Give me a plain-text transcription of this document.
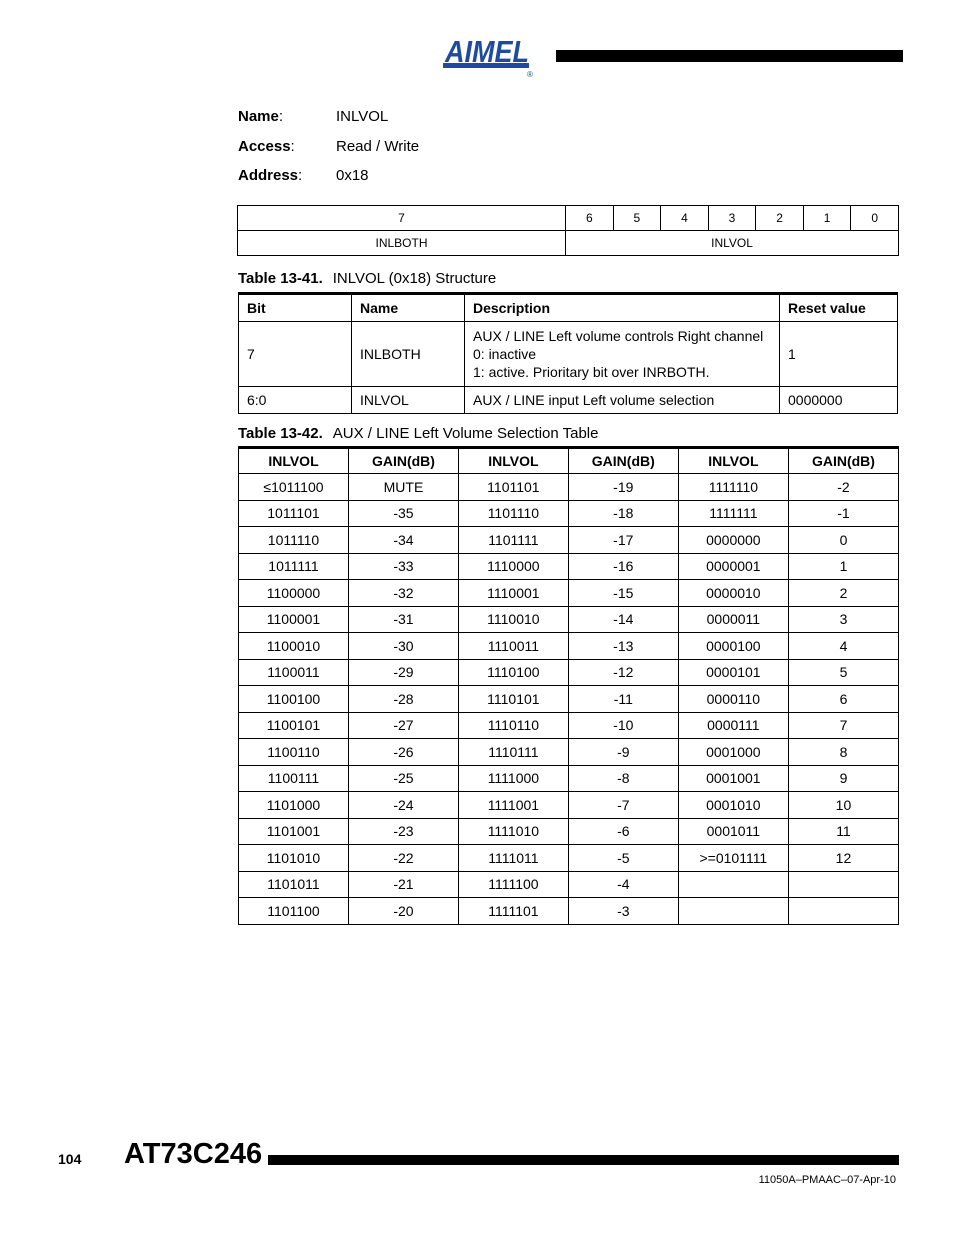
AIMEL
®
Name:	INLVOL
Access:	Read / Write
Address: 0x18
7	6	5	4	3	2	1	0
INLBOTH	INLVOL						
Table 13-41. INLVOL (0x18) Structure
Bit	Name	Description	Reset value
7	INLBOTH	AUX / LINE Left volume controls Right channel
0: inactive
1: active. Prioritary bit over INRBOTH.	1
6:0	INLVOL	AUX / LINE input Left volume selection	0000000
Table 13-42. AUX / LINE Left Volume Selection Table
INLVOL	GAIN(dB)	INLVOL	GAIN(dB)	INLVOL	GAIN(dB)
≤1011100	MUTE	1101101	-19	1111110	-2
1011101	-35	1101110	-18	1111111	-1
1011110	-34	1101111	-17	0000000	0
1011111	-33	1110000	-16	0000001	1
1100000	-32	1110001	-15	0000010	2
1100001	-31	1110010	-14	0000011	3
1100010	-30	1110011	-13	0000100	4
1100011	-29	1110100	-12	0000101	5
1100100	-28	1110101	-11	0000110	6
1100101	-27	1110110	-10	0000111	7
1100110	-26	1110111	-9	0001000	8
1100111	-25	1111000	-8	0001001	9
1101000	-24	1111001	-7	0001010	10
1101001	-23	1111010	-6	0001011	11
1101010	-22	1111011	-5	>=0101111	12
1101011	-21	1111100	-4		
1101100	-20	1111101	-3		
104 AT73C246
11050A–PMAAC–07-Apr-10
